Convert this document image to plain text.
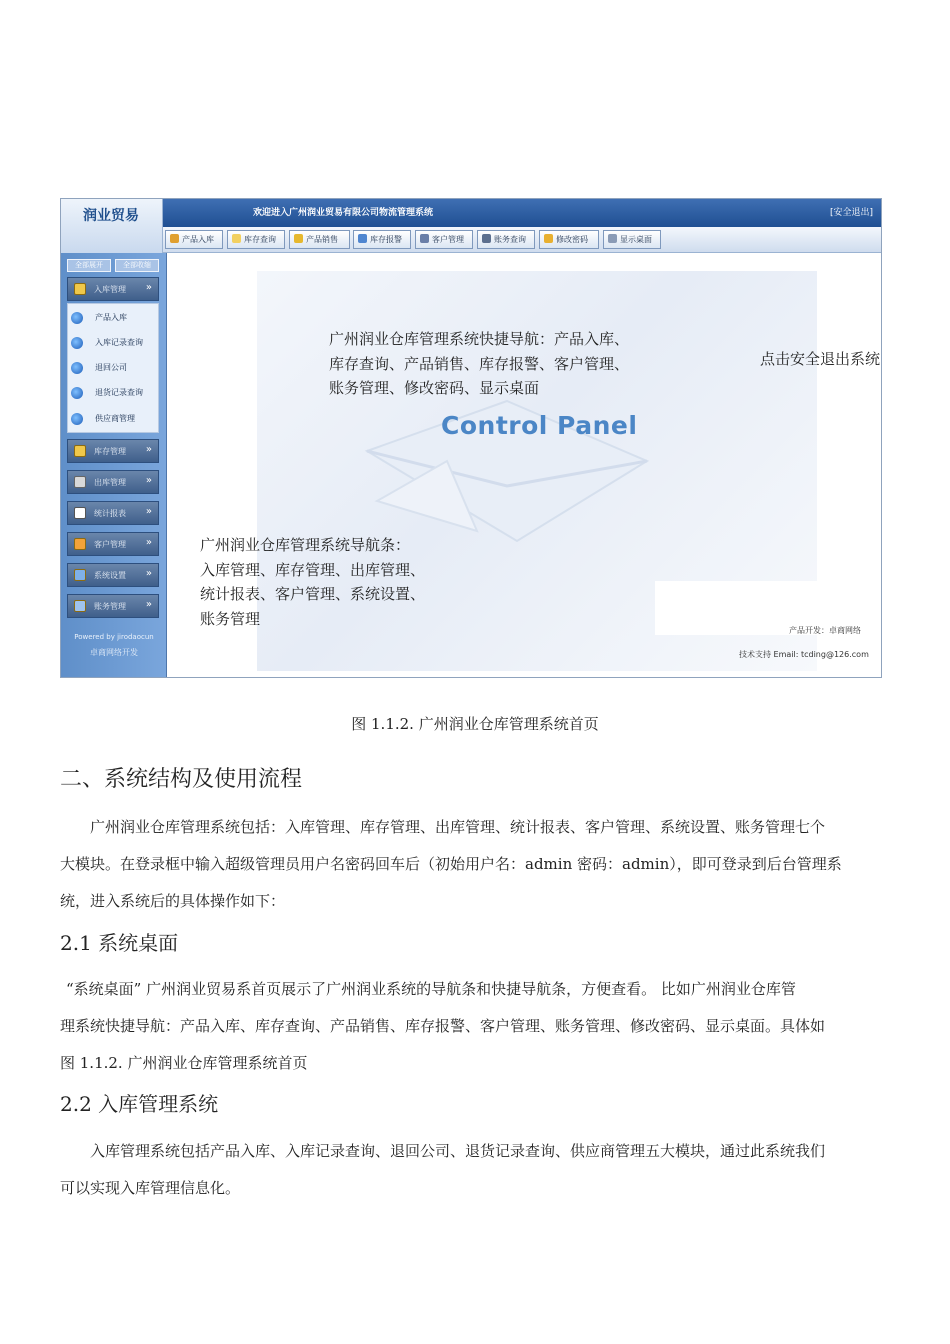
欢迎进入广州润业贸易有限公司物流管理系统	[安全退出]
润业贸易
产品入库	库存查询	产品销售	库存报警	客户管理	账务查询	修改密码	显示桌面
全部展开	全部收缩
入库管理 »
产品入库
入库记录查询
退回公司
退货记录查询
供应商管理
库存管理 »
出库管理 »
统计报表 »
客户管理 »
系统设置 »
账务管理 »
Powered by jirodaocun
卓商网络开发
Control Panel
产品开发：卓商网络
技术支持 Email: tcding@126.com
广州润业仓库管理系统快捷导航：产品入库、
库存查询、产品销售、库存报警、客户管理、
账务管理、修改密码、显示桌面
点击安全退出系统
广州润业仓库管理系统导航条：
入库管理、库存管理、出库管理、
统计报表、客户管理、系统设置、
账务管理
图 1.1.2. 广州润业仓库管理系统首页
二、系统结构及使用流程
广州润业仓库管理系统包括：入库管理、库存管理、出库管理、统计报表、客户管理、系统设置、账务管理七个
大模块。在登录框中输入超级管理员用户名密码回车后（初始用户名：admin 密码：admin），即可登录到后台管理系
统，进入系统后的具体操作如下：
2.1 系统桌面
“系统桌面” 广州润业贸易系首页展示了广州润业系统的导航条和快捷导航条，方便查看。 比如广州润业仓库管
理系统快捷导航：产品入库、库存查询、产品销售、库存报警、客户管理、账务管理、修改密码、显示桌面。具体如
图 1.1.2. 广州润业仓库管理系统首页
2.2 入库管理系统
入库管理系统包括产品入库、入库记录查询、退回公司、退货记录查询、供应商管理五大模块，通过此系统我们
可以实现入库管理信息化。
